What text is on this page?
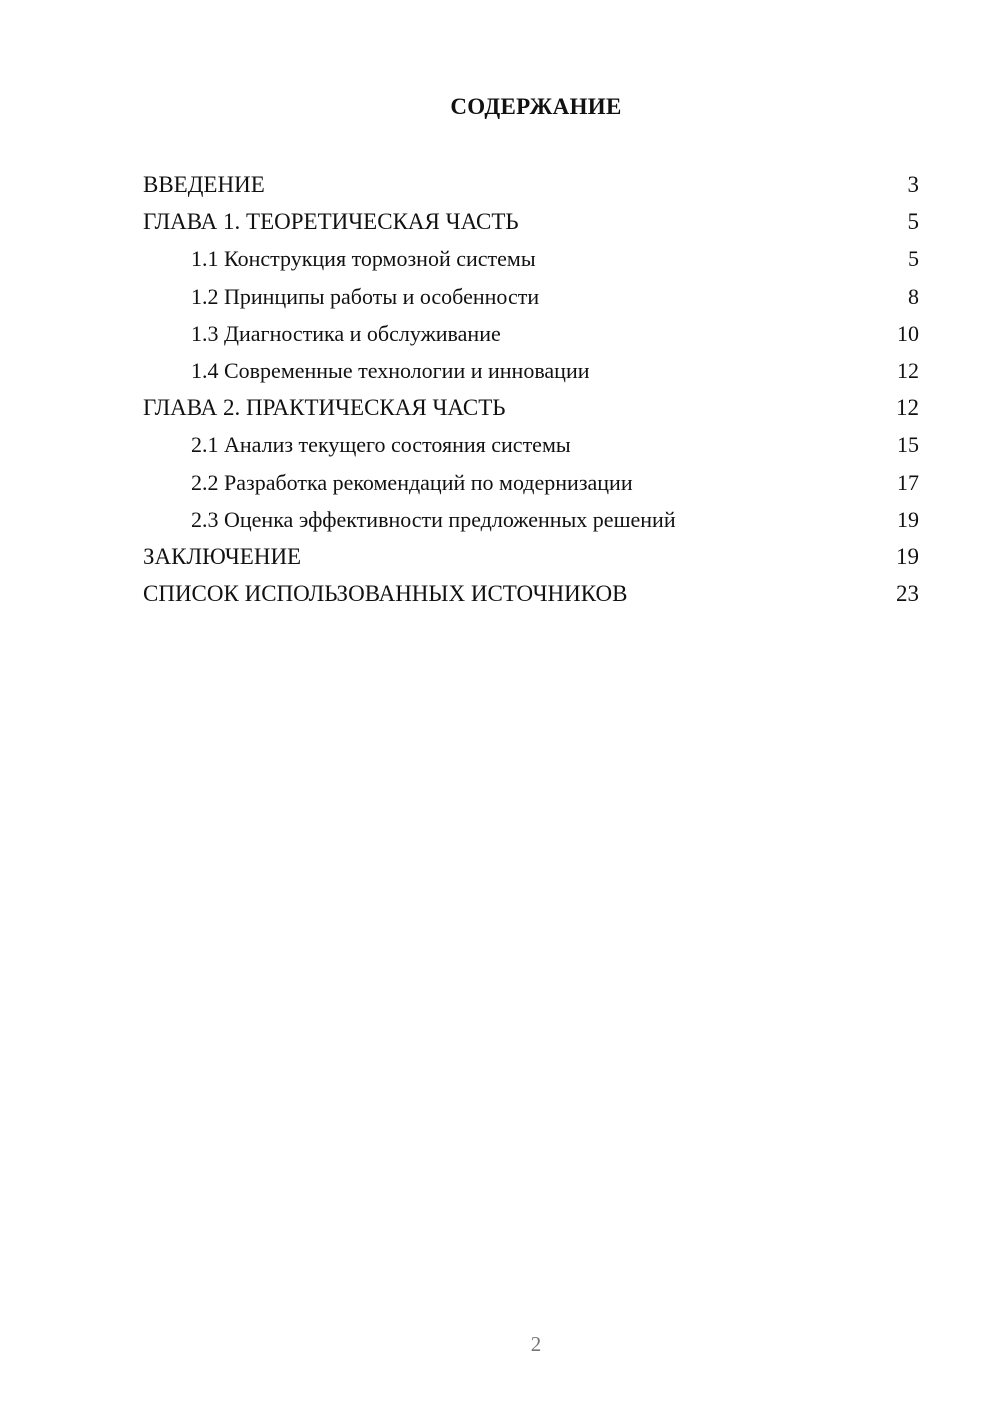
СОДЕРЖАНИЕ
ВВЕДЕНИЕ	3
ГЛАВА 1. ТЕОРЕТИЧЕСКАЯ ЧАСТЬ	5
1.1 Конструкция тормозной системы	5
1.2 Принципы работы и особенности	8
1.3 Диагностика и обслуживание	10
1.4 Современные технологии и инновации	12
ГЛАВА 2. ПРАКТИЧЕСКАЯ ЧАСТЬ	12
2.1 Анализ текущего состояния системы	15
2.2 Разработка рекомендаций по модернизации	17
2.3 Оценка эффективности предложенных решений	19
ЗАКЛЮЧЕНИЕ	19
СПИСОК ИСПОЛЬЗОВАННЫХ ИСТОЧНИКОВ	23
2
